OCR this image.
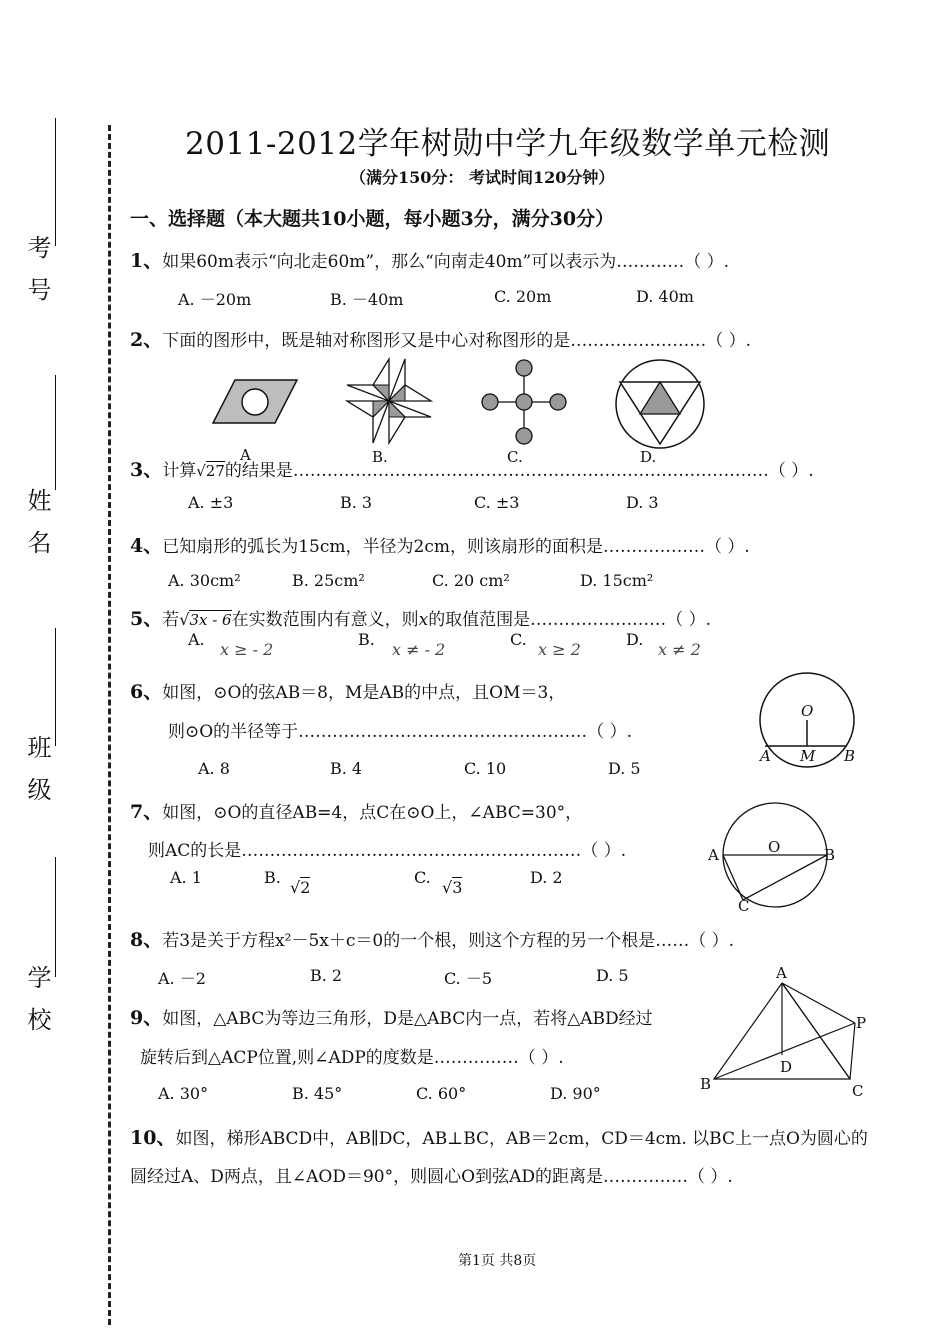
考号
姓名
班级
学校
2011-2012学年树勋中学九年级数学单元检测
（满分150分： 考试时间120分钟）
一、选择题（本大题共10小题，每小题3分，满分30分）
1、如果60m表示“向北走60m”，那么“向南走40m”可以表示为…………（ ）.
A. －20m	B. －40m	C. 20m	D. 40m
2、下面的图形中，既是轴对称图形又是中心对称图形的是……………………（ ）.
A	B.	C.	D.
3、计算√27的结果是…………………………………………………………………………（ ）.
A. ±3	B. 3	C. ±3	D. 3
4、已知扇形的弧长为15cm，半径为2cm，则该扇形的面积是………………（ ）.
A. 30cm²	B. 25cm²	C. 20 cm²	D. 15cm²
5、若√3x - 6在实数范围内有意义，则x的取值范围是……………………（ ）.
A.
x ≥ - 2
B.
x ≠ - 2
C.
x ≥ 2
D.
x ≠ 2
6、如图，⊙O的弦AB＝8，M是AB的中点，且OM＝3，
则⊙O的半径等于……………………………………………（ ）.
A. 8	B. 4	C. 10	D. 5
O
A M B
7、如图，⊙O的直径AB=4，点C在⊙O上，∠ABC=30°，
则AC的长是……………………………………………………（ ）.
A. 1	B.
√2
C.
√3
D. 2
A	O	B
C
8、若3是关于方程x²－5x＋c＝0的一个根，则这个方程的另一个根是……（ ）.
A. －2	B. 2	C. －5	D. 5
9、如图，△ABC为等边三角形，D是△ABC内一点，若将△ABD经过
旋转后到△ACP位置,则∠ADP的度数是……………（ ）.
A. 30°	B. 45°	C. 60°	D. 90°
A
P
D
B	C
10、如图，梯形ABCD中，AB∥DC，AB⊥BC，AB＝2cm，CD＝4cm. 以BC上一点O为圆心的
圆经过A、D两点，且∠AOD＝90°，则圆心O到弦AD的距离是……………（ ）.
第1页 共8页
